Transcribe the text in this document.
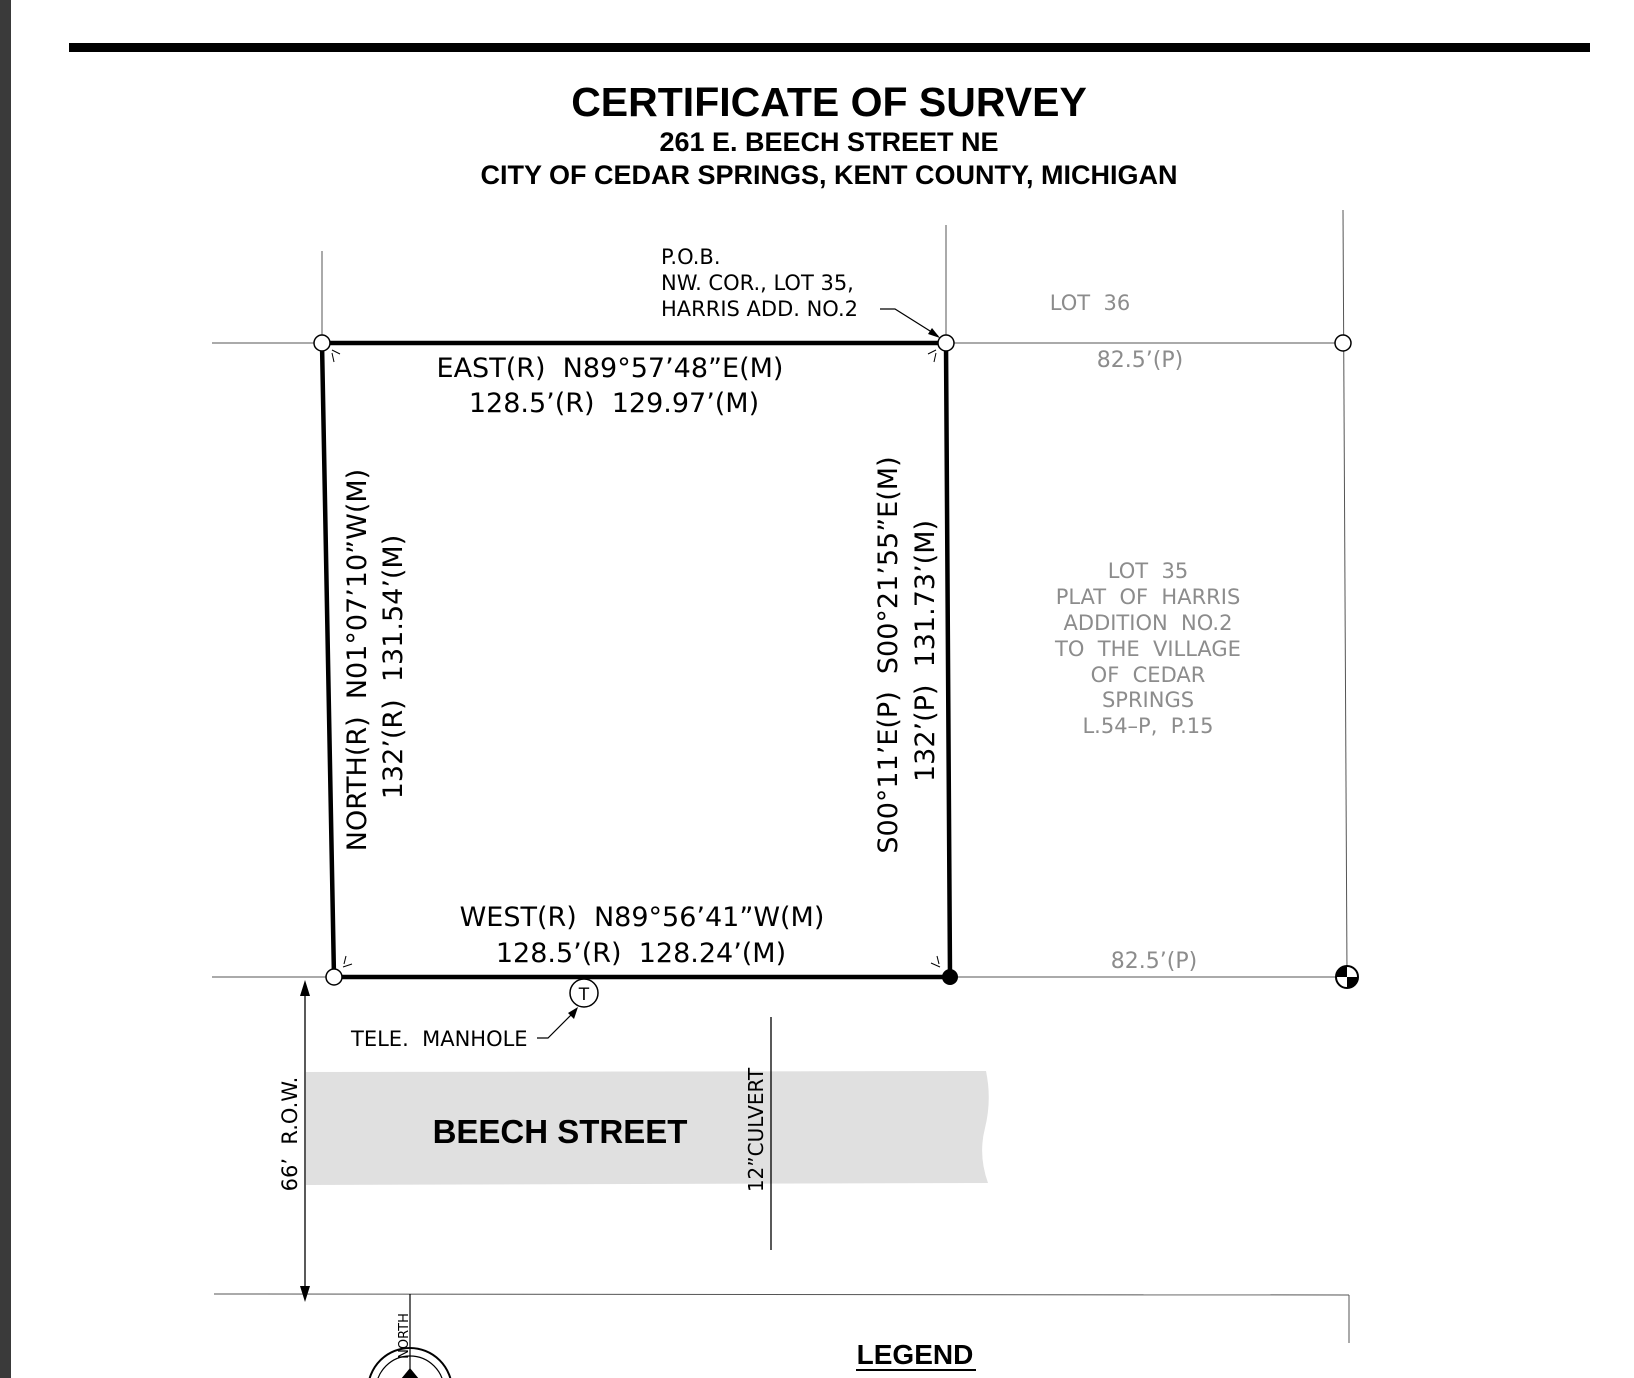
CERTIFICATE OF SURVEY
261 E. BEECH STREET NE
CITY OF CEDAR SPRINGS, KENT COUNTY, MICHIGAN
P.O.B.
NW. COR., LOT 35,
HARRIS ADD. NO.2
EAST(R)  N89°57’48”E(M)
128.5’(R)  129.97’(M)
WEST(R)  N89°56’41”W(M)
128.5’(R)  128.24’(M)
NORTH(R)  N01°07’10”W(M) 132’(R)  131.54’(M)	S00°11’E(P)  S00°21’55”E(M) 132’(P)  131.73’(M)
LOT  36
82.5’(P)
82.5’(P)
LOT  35
PLAT  OF  HARRIS
ADDITION  NO.2
TO  THE  VILLAGE
OF  CEDAR
SPRINGS
L.54–P,  P.15
T
TELE.  MANHOLE
BEECH STREET	12”CULVERT
66’  R.O.W.
NORTH	LEGEND
